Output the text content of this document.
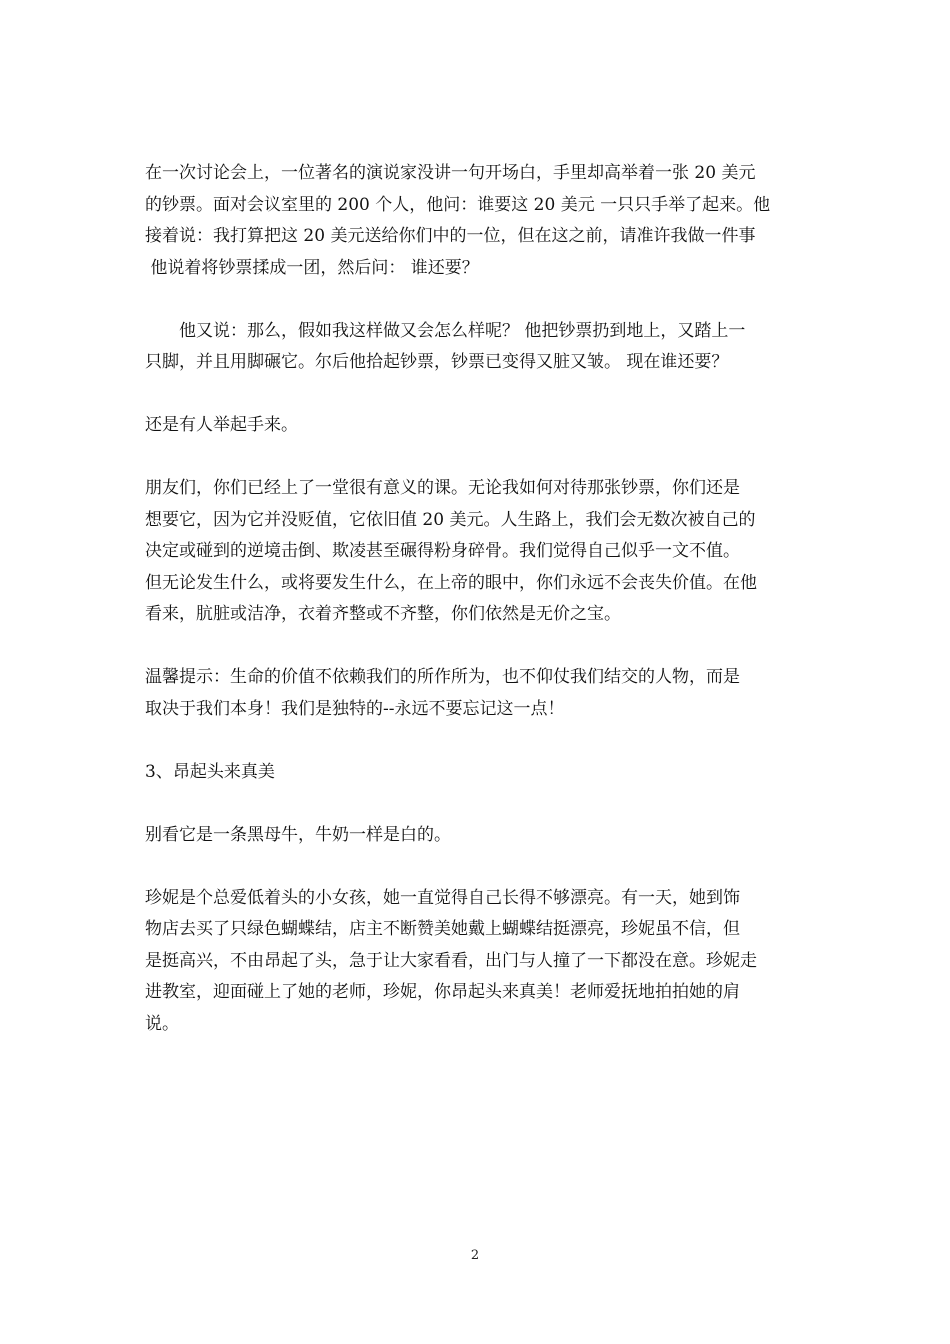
在一次讨论会上，一位著名的演说家没讲一句开场白，手里却高举着一张 20 美元
的钞票。面对会议室里的 200 个人，他问：谁要这 20 美元 一只只手举了起来。他
接着说：我打算把这 20 美元送给你们中的一位，但在这之前，请准许我做一件事
他说着将钞票揉成一团，然后问： 谁还要？

他又说：那么，假如我这样做又会怎么样呢？ 他把钞票扔到地上，又踏上一
只脚，并且用脚碾它。尔后他拾起钞票，钞票已变得又脏又皱。 现在谁还要？

还是有人举起手来。

朋友们，你们已经上了一堂很有意义的课。无论我如何对待那张钞票，你们还是
想要它，因为它并没贬值，它依旧值 20 美元。人生路上，我们会无数次被自己的
决定或碰到的逆境击倒、欺凌甚至碾得粉身碎骨。我们觉得自己似乎一文不值。
但无论发生什么，或将要发生什么，在上帝的眼中，你们永远不会丧失价值。在他
看来，肮脏或洁净，衣着齐整或不齐整，你们依然是无价之宝。

温馨提示：生命的价值不依赖我们的所作所为，也不仰仗我们结交的人物，而是
取决于我们本身！我们是独特的--永远不要忘记这一点！

3、昂起头来真美

别看它是一条黑母牛，牛奶一样是白的。

珍妮是个总爱低着头的小女孩，她一直觉得自己长得不够漂亮。有一天，她到饰
物店去买了只绿色蝴蝶结，店主不断赞美她戴上蝴蝶结挺漂亮，珍妮虽不信，但
是挺高兴，不由昂起了头，急于让大家看看，出门与人撞了一下都没在意。珍妮走
进教室，迎面碰上了她的老师，珍妮，你昂起头来真美！老师爱抚地拍拍她的肩
说。

2
